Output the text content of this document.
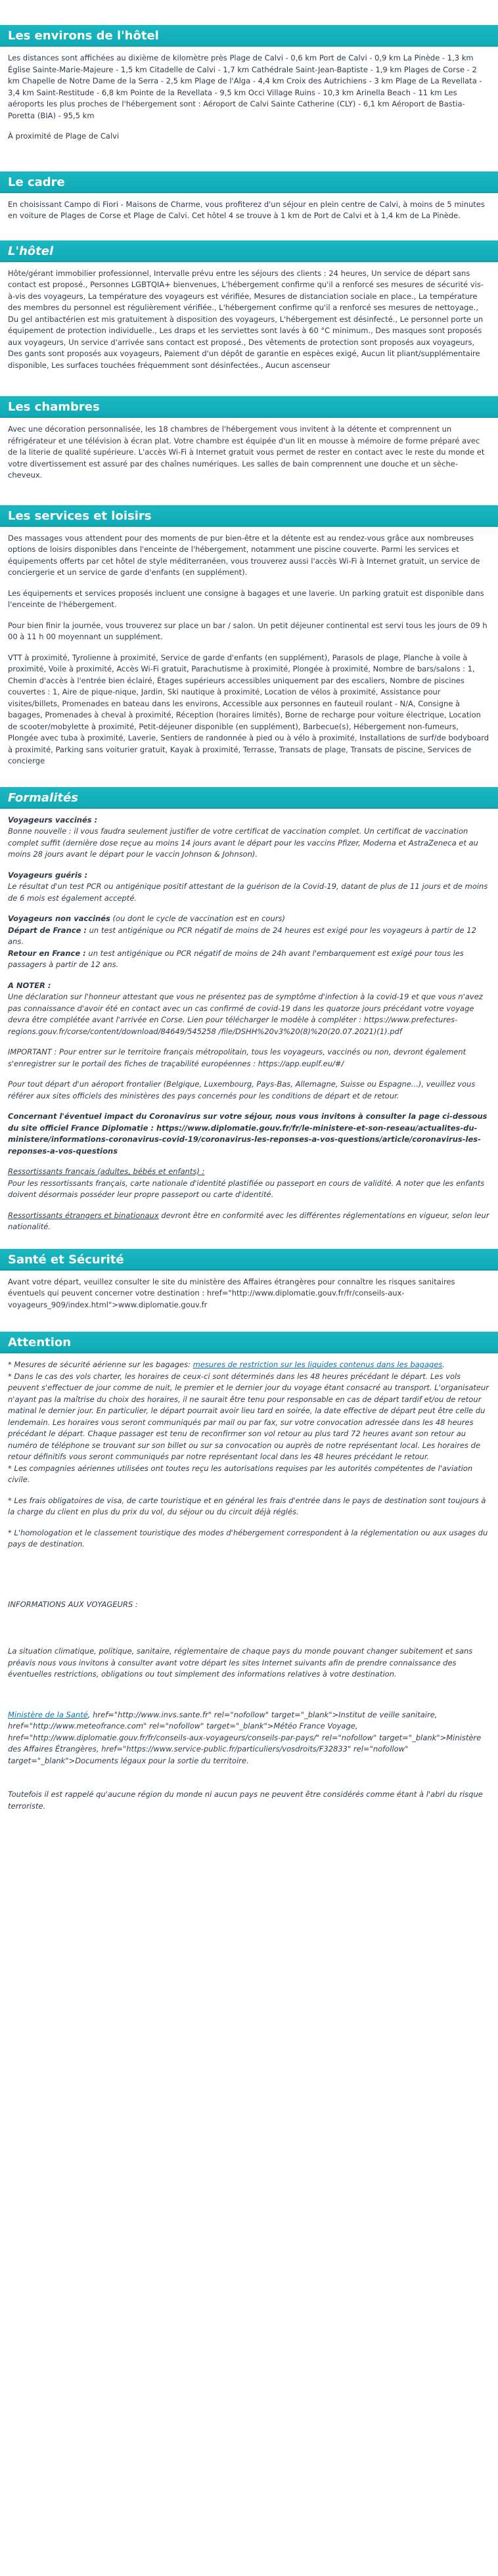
Les environs de l'hôtel

Les distances sont affichées au dixième de kilomètre près Plage de Calvi - 0,6 km Port de Calvi - 0,9 km La Pinède - 1,3 km Église Sainte-Marie-Majeure - 1,5 km Citadelle de Calvi - 1,7 km Cathédrale Saint-Jean-Baptiste - 1,9 km Plages de Corse - 2 km Chapelle de Notre Dame de la Serra - 2,5 km Plage de l'Alga - 4,4 km Croix des Autrichiens - 3 km Plage de La Revellata - 3,4 km Saint-Restitude - 6,8 km Pointe de la Revellata - 9,5 km Occi Village Ruins - 10,3 km Arinella Beach - 11 km Les aéroports les plus proches de l'hébergement sont : Aéroport de Calvi Sainte Catherine (CLY) - 6,1 km Aéroport de Bastia-Poretta (BIA) - 95,5 km

À proximité de Plage de Calvi

Le cadre

En choisissant Campo di Fiori - Maisons de Charme, vous profiterez d'un séjour en plein centre de Calvi, à moins de 5 minutes en voiture de Plages de Corse et Plage de Calvi. Cet hôtel 4 se trouve à 1 km de Port de Calvi et à 1,4 km de La Pinède.

L'hôtel

Hôte/gérant immobilier professionnel, Intervalle prévu entre les séjours des clients : 24 heures, Un service de départ sans contact est proposé., Personnes LGBTQIA+ bienvenues, L'hébergement confirme qu'il a renforcé ses mesures de sécurité vis-à-vis des voyageurs, La température des voyageurs est vérifiée, Mesures de distanciation sociale en place., La température des membres du personnel est régulièrement vérifiée., L'hébergement confirme qu'il a renforcé ses mesures de nettoyage., Du gel antibactérien est mis gratuitement à disposition des voyageurs, L'hébergement est désinfecté., Le personnel porte un équipement de protection individuelle., Les draps et les serviettes sont lavés à 60 °C minimum., Des masques sont proposés aux voyageurs, Un service d'arrivée sans contact est proposé., Des vêtements de protection sont proposés aux voyageurs, Des gants sont proposés aux voyageurs, Paiement d'un dépôt de garantie en espèces exigé, Aucun lit pliant/supplémentaire disponible, Les surfaces touchées fréquemment sont désinfectées., Aucun ascenseur

Les chambres

Avec une décoration personnalisée, les 18 chambres de l'hébergement vous invitent à la détente et comprennent un réfrigérateur et une télévision à écran plat. Votre chambre est équipée d'un lit en mousse à mémoire de forme préparé avec de la literie de qualité supérieure. L'accès Wi-Fi à Internet gratuit vous permet de rester en contact avec le reste du monde et votre divertissement est assuré par des chaînes numériques. Les salles de bain comprennent une douche et un sèche-cheveux.

Les services et loisirs

Des massages vous attendent pour des moments de pur bien-être et la détente est au rendez-vous grâce aux nombreuses options de loisirs disponibles dans l'enceinte de l'hébergement, notamment une piscine couverte. Parmi les services et équipements offerts par cet hôtel de style méditerranéen, vous trouverez aussi l'accès Wi-Fi à Internet gratuit, un service de conciergerie et un service de garde d'enfants (en supplément).

Les équipements et services proposés incluent une consigne à bagages et une laverie. Un parking gratuit est disponible dans l'enceinte de l'hébergement.

Pour bien finir la journée, vous trouverez sur place un bar / salon. Un petit déjeuner continental est servi tous les jours de 09 h 00 à 11 h 00 moyennant un supplément.

VTT à proximité, Tyrolienne à proximité, Service de garde d'enfants (en supplément), Parasols de plage, Planche à voile à proximité, Voile à proximité, Accès Wi-Fi gratuit, Parachutisme à proximité, Plongée à proximité, Nombre de bars/salons : 1, Chemin d'accès à l'entrée bien éclairé, Étages supérieurs accessibles uniquement par des escaliers, Nombre de piscines couvertes : 1, Aire de pique-nique, Jardin, Ski nautique à proximité, Location de vélos à proximité, Assistance pour visites/billets, Promenades en bateau dans les environs, Accessible aux personnes en fauteuil roulant - N/A, Consigne à bagages, Promenades à cheval à proximité, Réception (horaires limités), Borne de recharge pour voiture électrique, Location de scooter/mobylette à proximité, Petit-déjeuner disponible (en supplément), Barbecue(s), Hébergement non-fumeurs, Plongée avec tuba à proximité, Laverie, Sentiers de randonnée à pied ou à vélo à proximité, Installations de surf/de bodyboard à proximité, Parking sans voiturier gratuit, Kayak à proximité, Terrasse, Transats de plage, Transats de piscine, Services de concierge

Formalités

Voyageurs vaccinés :
Bonne nouvelle : il vous faudra seulement justifier de votre certificat de vaccination complet. Un certificat de vaccination complet suffit (dernière dose reçue au moins 14 jours avant le départ pour les vaccins Pfizer, Moderna et AstraZeneca et au moins 28 jours avant le départ pour le vaccin Johnson & Johnson).

Voyageurs guéris :
Le résultat d'un test PCR ou antigénique positif attestant de la guérison de la Covid-19, datant de plus de 11 jours et de moins de 6 mois est également accepté.

Voyageurs non vaccinés (ou dont le cycle de vaccination est en cours)
Départ de France : un test antigénique ou PCR négatif de moins de 24 heures est exigé pour les voyageurs à partir de 12 ans.
Retour en France : un test antigénique ou PCR négatif de moins de 24h avant l'embarquement est exigé pour tous les passagers à partir de 12 ans.

A NOTER :
Une déclaration sur l'honneur attestant que vous ne présentez pas de symptôme d'infection à la covid-19 et que vous n'avez pas connaissance d'avoir été en contact avec un cas confirmé de covid-19 dans les quatorze jours précédant votre voyage devra être complétée avant l'arrivée en Corse. Lien pour télécharger le modèle à compléter : https://www.prefectures-regions.gouv.fr/corse/content/download/84649/545258 /file/DSHH%20v3%20(8)%20(20.07.2021)(1).pdf

IMPORTANT : Pour entrer sur le territoire français métropolitain, tous les voyageurs, vaccinés ou non, devront également s'enregistrer sur le portail des fiches de traçabilité européennes : https://app.euplf.eu/#/

Pour tout départ d'un aéroport frontalier (Belgique, Luxembourg, Pays-Bas, Allemagne, Suisse ou Espagne...), veuillez vous référer aux sites officiels des ministères des pays concernés pour les conditions de départ et de retour.

Concernant l'éventuel impact du Coronavirus sur votre séjour, nous vous invitons à consulter la page ci-dessous du site officiel France Diplomatie : https://www.diplomatie.gouv.fr/fr/le-ministere-et-son-reseau/actualites-du-ministere/informations-coronavirus-covid-19/coronavirus-les-reponses-a-vos-questions/article/coronavirus-les-reponses-a-vos-questions

Ressortissants français (adultes, bébés et enfants) :
Pour les ressortissants français, carte nationale d'identité plastifiée ou passeport en cours de validité. A noter que les enfants doivent désormais posséder leur propre passeport ou carte d'identité.

Ressortissants étrangers et binationaux devront être en conformité avec les différentes réglementations en vigueur, selon leur nationalité.

Santé et Sécurité

Avant votre départ, veuillez consulter le site du ministère des Affaires étrangères pour connaître les risques sanitaires éventuels qui peuvent concerner votre destination : href="http://www.diplomatie.gouv.fr/fr/conseils-aux-voyageurs_909/index.html">www.diplomatie.gouv.fr

Attention

* Mesures de sécurité aérienne sur les bagages: mesures de restriction sur les liquides contenus dans les bagages.
* Dans le cas des vols charter, les horaires de ceux-ci sont déterminés dans les 48 heures précédant le départ. Les vols peuvent s'effectuer de jour comme de nuit, le premier et le dernier jour du voyage étant consacré au transport. L'organisateur n'ayant pas la maîtrise du choix des horaires, il ne saurait être tenu pour responsable en cas de départ tardif et/ou de retour matinal le dernier jour. En particulier, le départ pourrait avoir lieu tard en soirée, la date effective de départ peut être celle du lendemain. Les horaires vous seront communiqués par mail ou par fax, sur votre convocation adressée dans les 48 heures précédant le départ. Chaque passager est tenu de reconfirmer son vol retour au plus tard 72 heures avant son retour au numéro de téléphone se trouvant sur son billet ou sur sa convocation ou auprès de notre représentant local. Les horaires de retour définitifs vous seront communiqués par notre représentant local dans les 48 heures précédant le retour.
* Les compagnies aériennes utilisées ont toutes reçu les autorisations requises par les autorités compétentes de l'aviation civile.

* Les frais obligatoires de visa, de carte touristique et en général les frais d'entrée dans le pays de destination sont toujours à la charge du client en plus du prix du vol, du séjour ou du circuit déjà réglés.

* L'homologation et le classement touristique des modes d'hébergement correspondent à la réglementation ou aux usages du pays de destination.

INFORMATIONS AUX VOYAGEURS :

La situation climatique, politique, sanitaire, réglementaire de chaque pays du monde pouvant changer subitement et sans préavis nous vous invitons à consulter avant votre départ les sites Internet suivants afin de prendre connaissance des éventuelles restrictions, obligations ou tout simplement des informations relatives à votre destination.

Ministère de la Santé, href="http://www.invs.sante.fr" rel="nofollow" target="_blank">Institut de veille sanitaire, href="http://www.meteofrance.com" rel="nofollow" target="_blank">Météo France Voyage, href="http://www.diplomatie.gouv.fr/fr/conseils-aux-voyageurs/conseils-par-pays/" rel="nofollow" target="_blank">Ministère des Affaires Étrangères, href="https://www.service-public.fr/particuliers/vosdroits/F32833" rel="nofollow" target="_blank">Documents légaux pour la sortie du territoire.

Toutefois il est rappelé qu'aucune région du monde ni aucun pays ne peuvent être considérés comme étant à l'abri du risque terroriste.
